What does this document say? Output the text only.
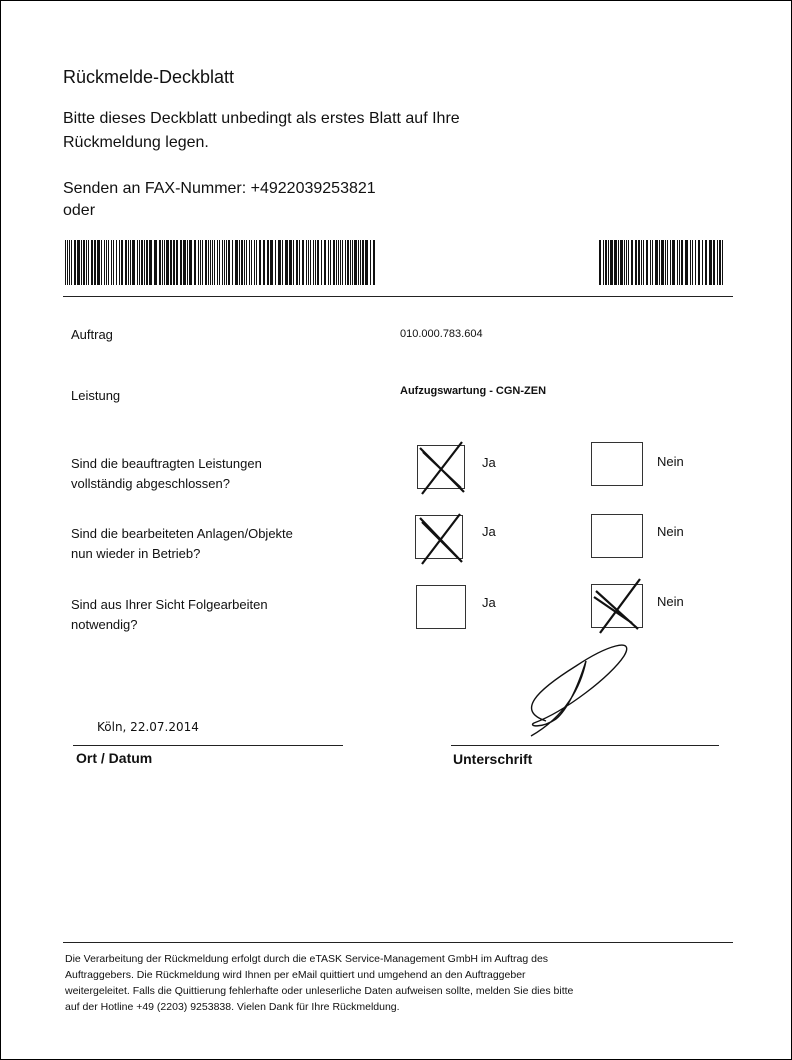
Rückmelde-Deckblatt
Bitte dieses Deckblatt unbedingt als erstes Blatt auf Ihre
Rückmeldung legen.
Senden an FAX-Nummer: +4922039253821
oder
Auftrag	010.000.783.604
Leistung	Aufzugswartung - CGN-ZEN
Sind die beauftragten Leistungen
vollständig abgeschlossen?
Ja	Nein
Sind die bearbeiteten Anlagen/Objekte
nun wieder in Betrieb?
Ja	Nein
Sind aus Ihrer Sicht Folgearbeiten
notwendig?
Ja	Nein
Köln, 22.07.2014
Ort / Datum	Unterschrift
Die Verarbeitung der Rückmeldung erfolgt durch die eTASK Service-Management GmbH im Auftrag des
Auftraggebers. Die Rückmeldung wird Ihnen per eMail quittiert und umgehend an den Auftraggeber
weitergeleitet. Falls die Quittierung fehlerhafte oder unleserliche Daten aufweisen sollte, melden Sie dies bitte
auf der Hotline +49 (2203) 9253838. Vielen Dank für Ihre Rückmeldung.
